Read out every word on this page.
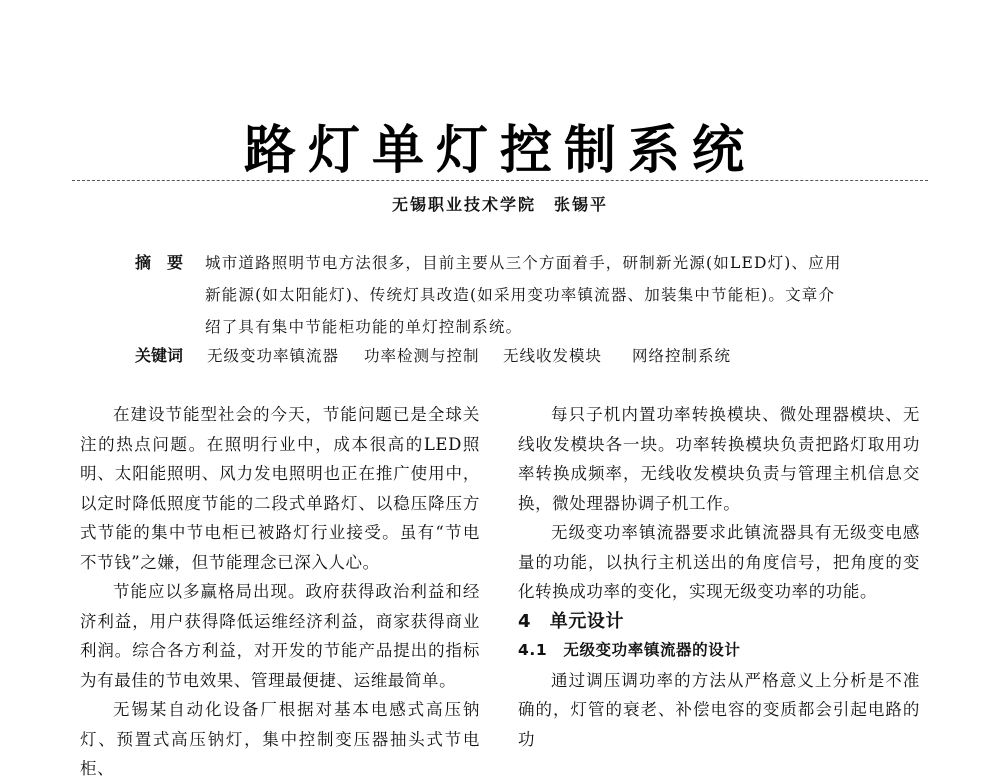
路灯单灯控制系统
无锡职业技术学院　张锡平
摘　要 城市道路照明节电方法很多，目前主要从三个方面着手，研制新光源(如LED灯)、应用
新能源(如太阳能灯)、传统灯具改造(如采用变功率镇流器、加装集中节能柜)。文章介
绍了具有集中节能柜功能的单灯控制系统。
关键词 无级变功率镇流器 功率检测与控制 无线收发模块 网络控制系统

在建设节能型社会的今天，节能问题已是全球关注的热点问题。在照明行业中，成本很高的LED照明、太阳能照明、风力发电照明也正在推广使用中，以定时降低照度节能的二段式单路灯、以稳压降压方式节能的集中节电柜已被路灯行业接受。虽有“节电不节钱”之嫌，但节能理念已深入人心。

节能应以多赢格局出现。政府获得政治利益和经济利益，用户获得降低运维经济利益，商家获得商业利润。综合各方利益，对开发的节能产品提出的指标为有最佳的节电效果、管理最便捷、运维最简单。

无锡某自动化设备厂根据对基本电感式高压钠灯、预置式高压钠灯，集中控制变压器抽头式节电柜、

每只子机内置功率转换模块、微处理器模块、无线收发模块各一块。功率转换模块负责把路灯取用功率转换成频率，无线收发模块负责与管理主机信息交换，微处理器协调子机工作。

无级变功率镇流器要求此镇流器具有无级变电感量的功能，以执行主机送出的角度信号，把角度的变化转换成功率的变化，实现无级变功率的功能。

4　单元设计

4.1　无级变功率镇流器的设计

通过调压调功率的方法从严格意义上分析是不准确的，灯管的衰老、补偿电容的变质都会引起电路的功
